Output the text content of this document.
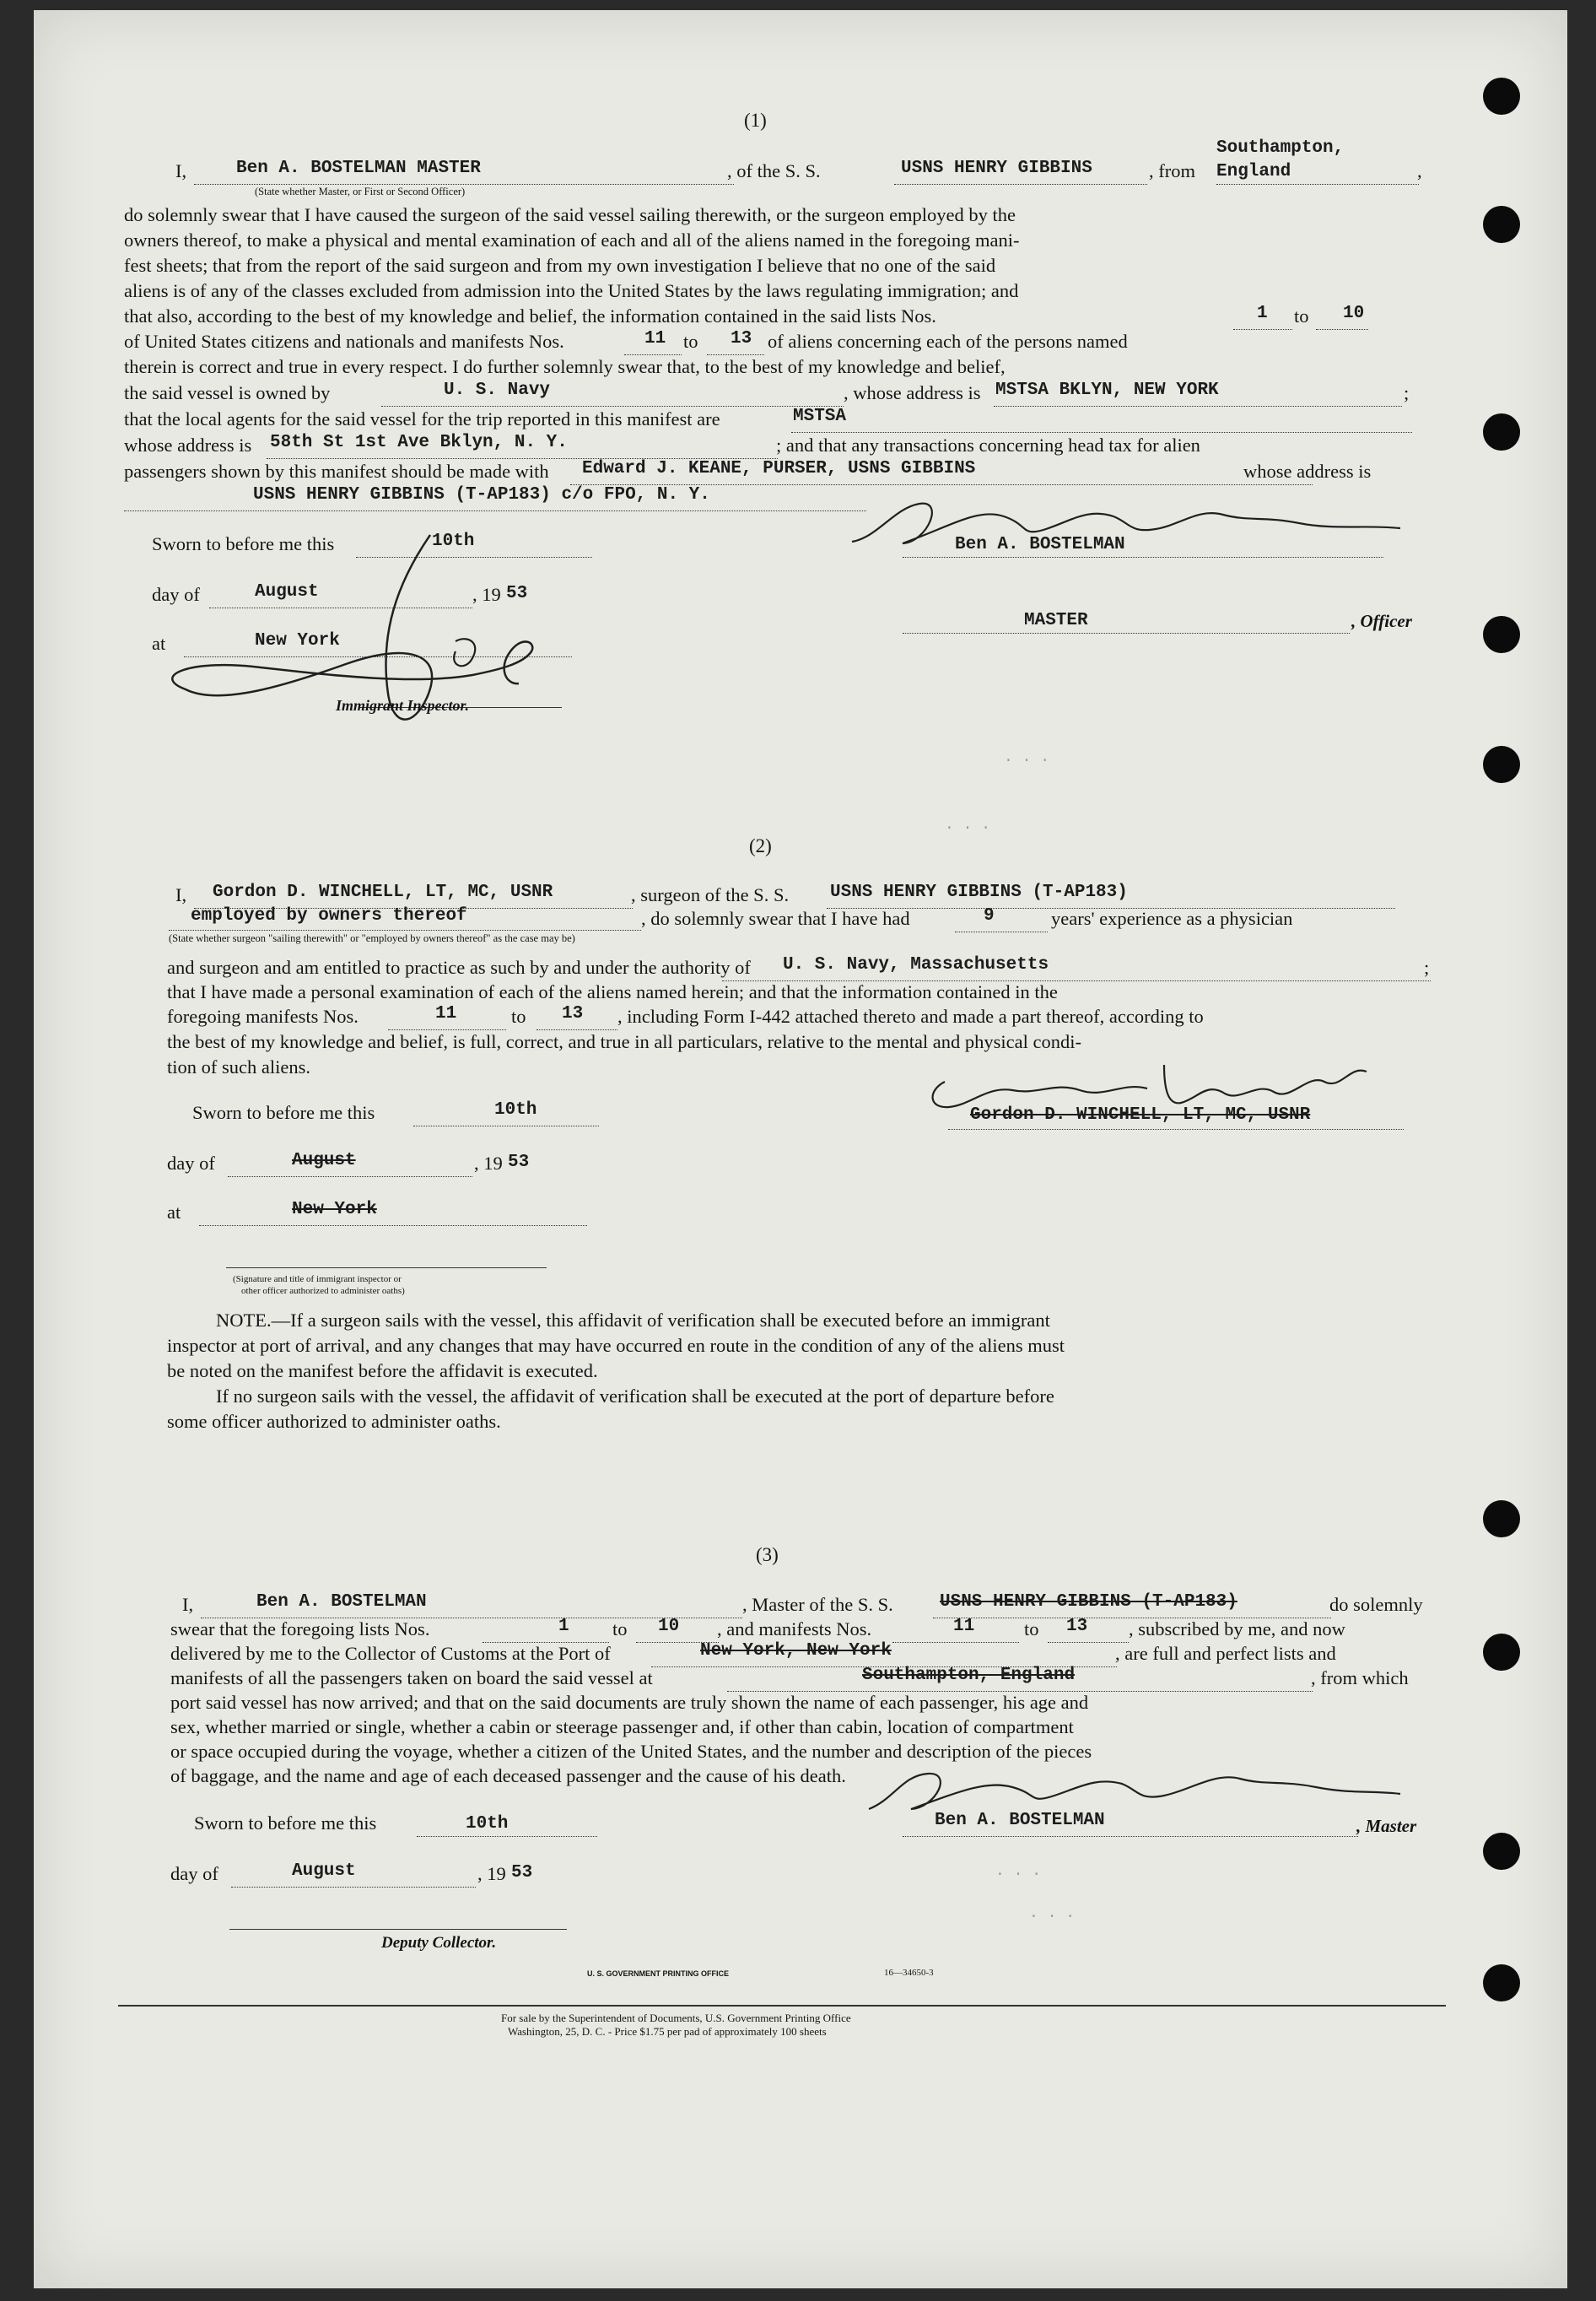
(1)
I,	Ben A. BOSTELMAN MASTER
(State whether Master, or First or Second Officer)
, of the S. S.	USNS HENRY GIBBINS	, from
Southampton,
England	,
do solemnly swear that I have caused the surgeon of the said vessel sailing therewith, or the surgeon employed by the
owners thereof, to make a physical and mental examination of each and all of the aliens named in the foregoing mani-
fest sheets; that from the report of the said surgeon and from my own investigation I believe that no one of the said
aliens is of any of the classes excluded from admission into the United States by the laws regulating immigration; and
that also, according to the best of my knowledge and belief, the information contained in the said lists Nos.	1 to 10
of United States citizens and nationals and manifests Nos.	11 to 13 of aliens concerning each of the persons named
therein is correct and true in every respect. I do further solemnly swear that, to the best of my knowledge and belief,
the said vessel is owned by	U. S. Navy	, whose address is MSTSA BKLYN, NEW YORK	;
that the local agents for the said vessel for the trip reported in this manifest are	MSTSA
whose address is 58th St 1st Ave Bklyn, N. Y.	; and that any transactions concerning head tax for alien
passengers shown by this manifest should be made with Edward J. KEANE, PURSER, USNS GIBBINS	whose address is
USNS HENRY GIBBINS (T-AP183) c/o FPO, N. Y.
Sworn to before me this	10th
day of	August	, 19 53
at	New York
Immigrant Inspector.
Ben A. BOSTELMAN
MASTER	, Officer
· · ·
· · ·
(2)
I, Gordon D. WINCHELL, LT, MC, USNR	, surgeon of the S. S. USNS HENRY GIBBINS (T-AP183)
employed by owners thereof
(State whether surgeon "sailing therewith" or "employed by owners thereof" as the case may be)
, do solemnly swear that I have had	9	years' experience as a physician
and surgeon and am entitled to practice as such by and under the authority of U. S. Navy, Massachusetts	;
that I have made a personal examination of each of the aliens named herein; and that the information contained in the
foregoing manifests Nos.	11	to 13 , including Form I-442 attached thereto and made a part thereof, according to
the best of my knowledge and belief, is full, correct, and true in all particulars, relative to the mental and physical condi-
tion of such aliens.
Sworn to before me this	10th
day of	August	, 19 53
at	New York
Gordon D. WINCHELL, LT, MC, USNR
(Signature and title of immigrant inspector or
other officer authorized to administer oaths)
NOTE.—If a surgeon sails with the vessel, this affidavit of verification shall be executed before an immigrant
inspector at port of arrival, and any changes that may have occurred en route in the condition of any of the aliens must
be noted on the manifest before the affidavit is executed.
If no surgeon sails with the vessel, the affidavit of verification shall be executed at the port of departure before
some officer authorized to administer oaths.
(3)
I,	Ben A. BOSTELMAN	, Master of the S. S.	USNS HENRY GIBBINS (T-AP183)	do solemnly
swear that the foregoing lists Nos.	1 to 10 , and manifests Nos.	11	to 13 , subscribed by me, and now
delivered by me to the Collector of Customs at the Port of	New York, New York	, are full and perfect lists and
manifests of all the passengers taken on board the said vessel at	Southampton, England	, from which
port said vessel has now arrived; and that on the said documents are truly shown the name of each passenger, his age and
sex, whether married or single, whether a cabin or steerage passenger and, if other than cabin, location of compartment
or space occupied during the voyage, whether a citizen of the United States, and the number and description of the pieces
of baggage, and the name and age of each deceased passenger and the cause of his death.
Ben A. BOSTELMAN	, Master
Sworn to before me this	10th
day of	August	, 19 53
Deputy Collector.
· · ·
· · ·
U. S. GOVERNMENT PRINTING OFFICE	16—34650-3
For sale by the Superintendent of Documents, U.S. Government Printing Office
Washington, 25, D. C. - Price $1.75 per pad of approximately 100 sheets
